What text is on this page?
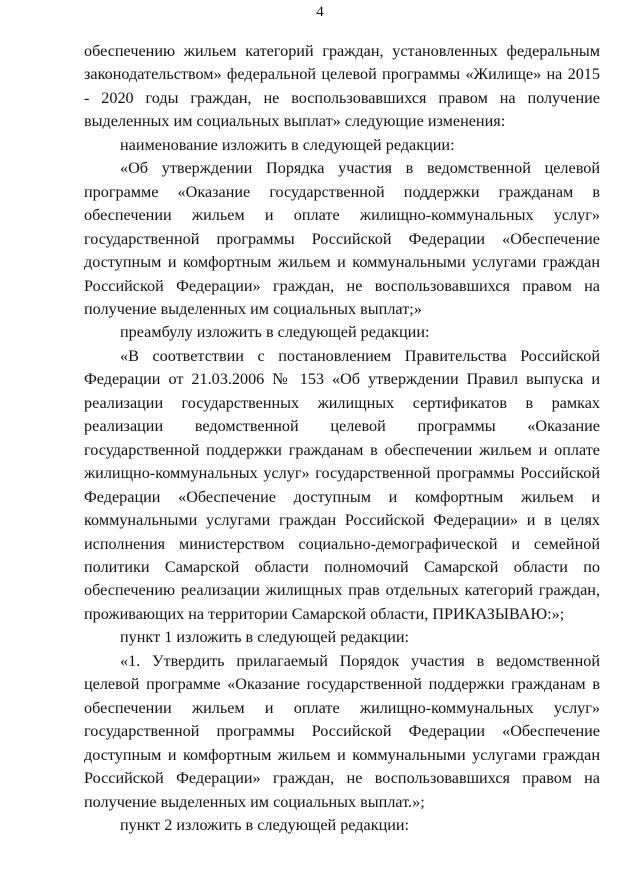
4

обеспечению жильем категорий граждан, установленных федеральным законодательством» федеральной целевой программы «Жилище» на 2015 - 2020 годы граждан, не воспользовавшихся правом на получение выделенных им социальных выплат» следующие изменения:

наименование изложить в следующей редакции:

«Об утверждении Порядка участия в ведомственной целевой программе «Оказание государственной поддержки гражданам в обеспечении жильем и оплате жилищно-коммунальных услуг» государственной программы Российской Федерации «Обеспечение доступным и комфортным жильем и коммунальными услугами граждан Российской Федерации» граждан, не воспользовавшихся правом на получение выделенных им социальных выплат;»

преамбулу изложить в следующей редакции:

«В соответствии с постановлением Правительства Российской Федерации от 21.03.2006 № 153 «Об утверждении Правил выпуска и реализации государственных жилищных сертификатов в рамках реализации ведомственной целевой программы «Оказание государственной поддержки гражданам в обеспечении жильем и оплате жилищно-коммунальных услуг» государственной программы Российской Федерации «Обеспечение доступным и комфортным жильем и коммунальными услугами граждан Российской Федерации» и в целях исполнения министерством социально-демографической и семейной политики Самарской области полномочий Самарской области по обеспечению реализации жилищных прав отдельных категорий граждан, проживающих на территории Самарской области, ПРИКАЗЫВАЮ:»;

пункт 1 изложить в следующей редакции:

«1. Утвердить прилагаемый Порядок участия в ведомственной целевой программе «Оказание государственной поддержки гражданам в обеспечении жильем и оплате жилищно-коммунальных услуг» государственной программы Российской Федерации «Обеспечение доступным и комфортным жильем и коммунальными услугами граждан Российской Федерации» граждан, не воспользовавшихся правом на получение выделенных им социальных выплат.»;

пункт 2 изложить в следующей редакции:
